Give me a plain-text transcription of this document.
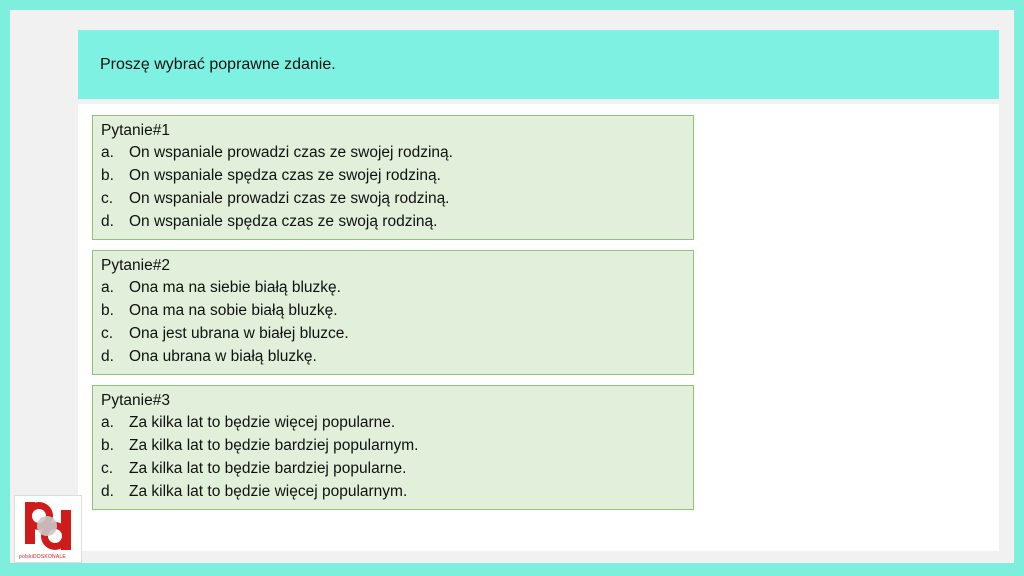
Proszę wybrać poprawne zdanie.
Pytanie#1
a. On wspaniale prowadzi czas ze swojej rodziną.
b. On wspaniale spędza czas ze swojej rodziną.
c.	On wspaniale prowadzi czas ze swoją rodziną.
d. On wspaniale spędza czas ze swoją rodziną.
Pytanie#2
a. Ona ma na siebie białą bluzkę.
b. Ona ma na sobie białą bluzkę.
c.	Ona jest ubrana w białej bluzce.
d. Ona ubrana w białą bluzkę.
Pytanie#3
a. Za kilka lat to będzie więcej popularne.
b. Za kilka lat to będzie bardziej popularnym.
c.	Za kilka lat to będzie bardziej popularne.
d. Za kilka lat to będzie więcej popularnym.
polskiDOSKONALE
